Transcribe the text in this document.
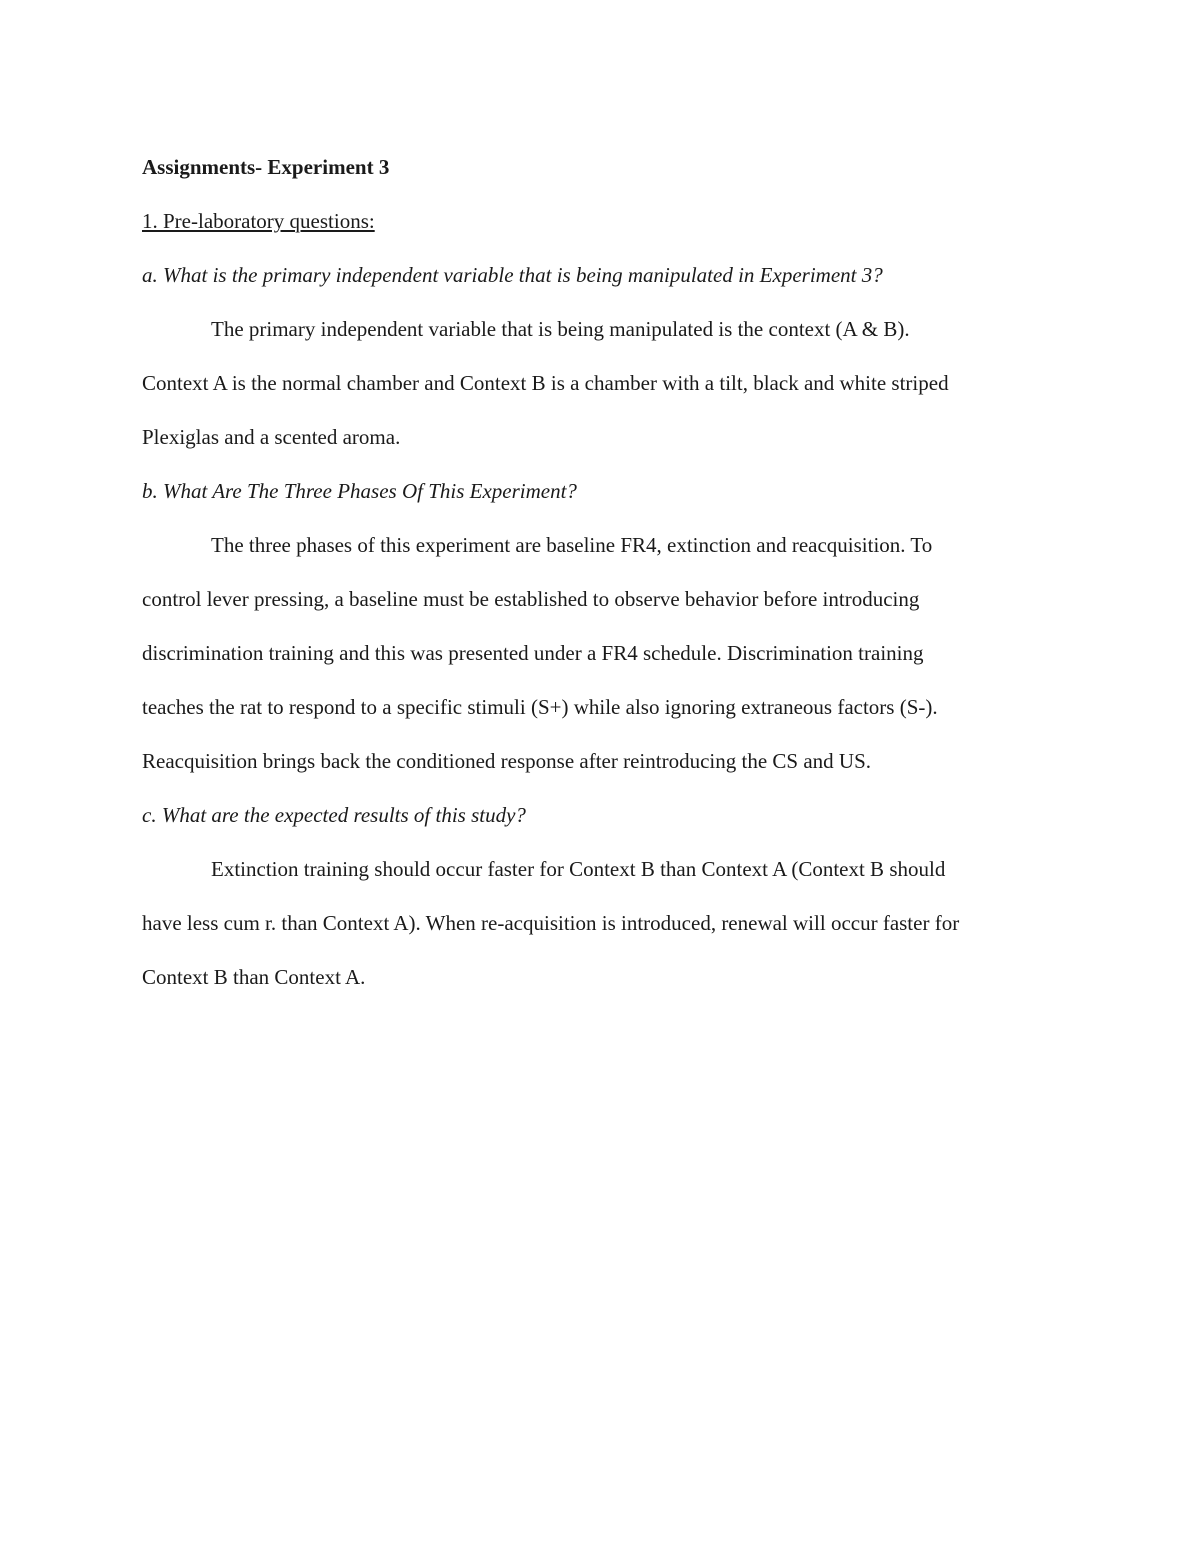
Assignments- Experiment 3
1. Pre-laboratory questions:
a. What is the primary independent variable that is being manipulated in Experiment 3?
The primary independent variable that is being manipulated is the context (A & B).
Context A is the normal chamber and Context B is a chamber with a tilt, black and white striped
Plexiglas and a scented aroma.
b. What Are The Three Phases Of This Experiment?
The three phases of this experiment are baseline FR4, extinction and reacquisition. To
control lever pressing, a baseline must be established to observe behavior before introducing
discrimination training and this was presented under a FR4 schedule. Discrimination training
teaches the rat to respond to a specific stimuli (S+) while also ignoring extraneous factors (S-).
Reacquisition brings back the conditioned response after reintroducing the CS and US.
c. What are the expected results of this study?
Extinction training should occur faster for Context B than Context A (Context B should
have less cum r. than Context A). When re-acquisition is introduced, renewal will occur faster for
Context B than Context A.
